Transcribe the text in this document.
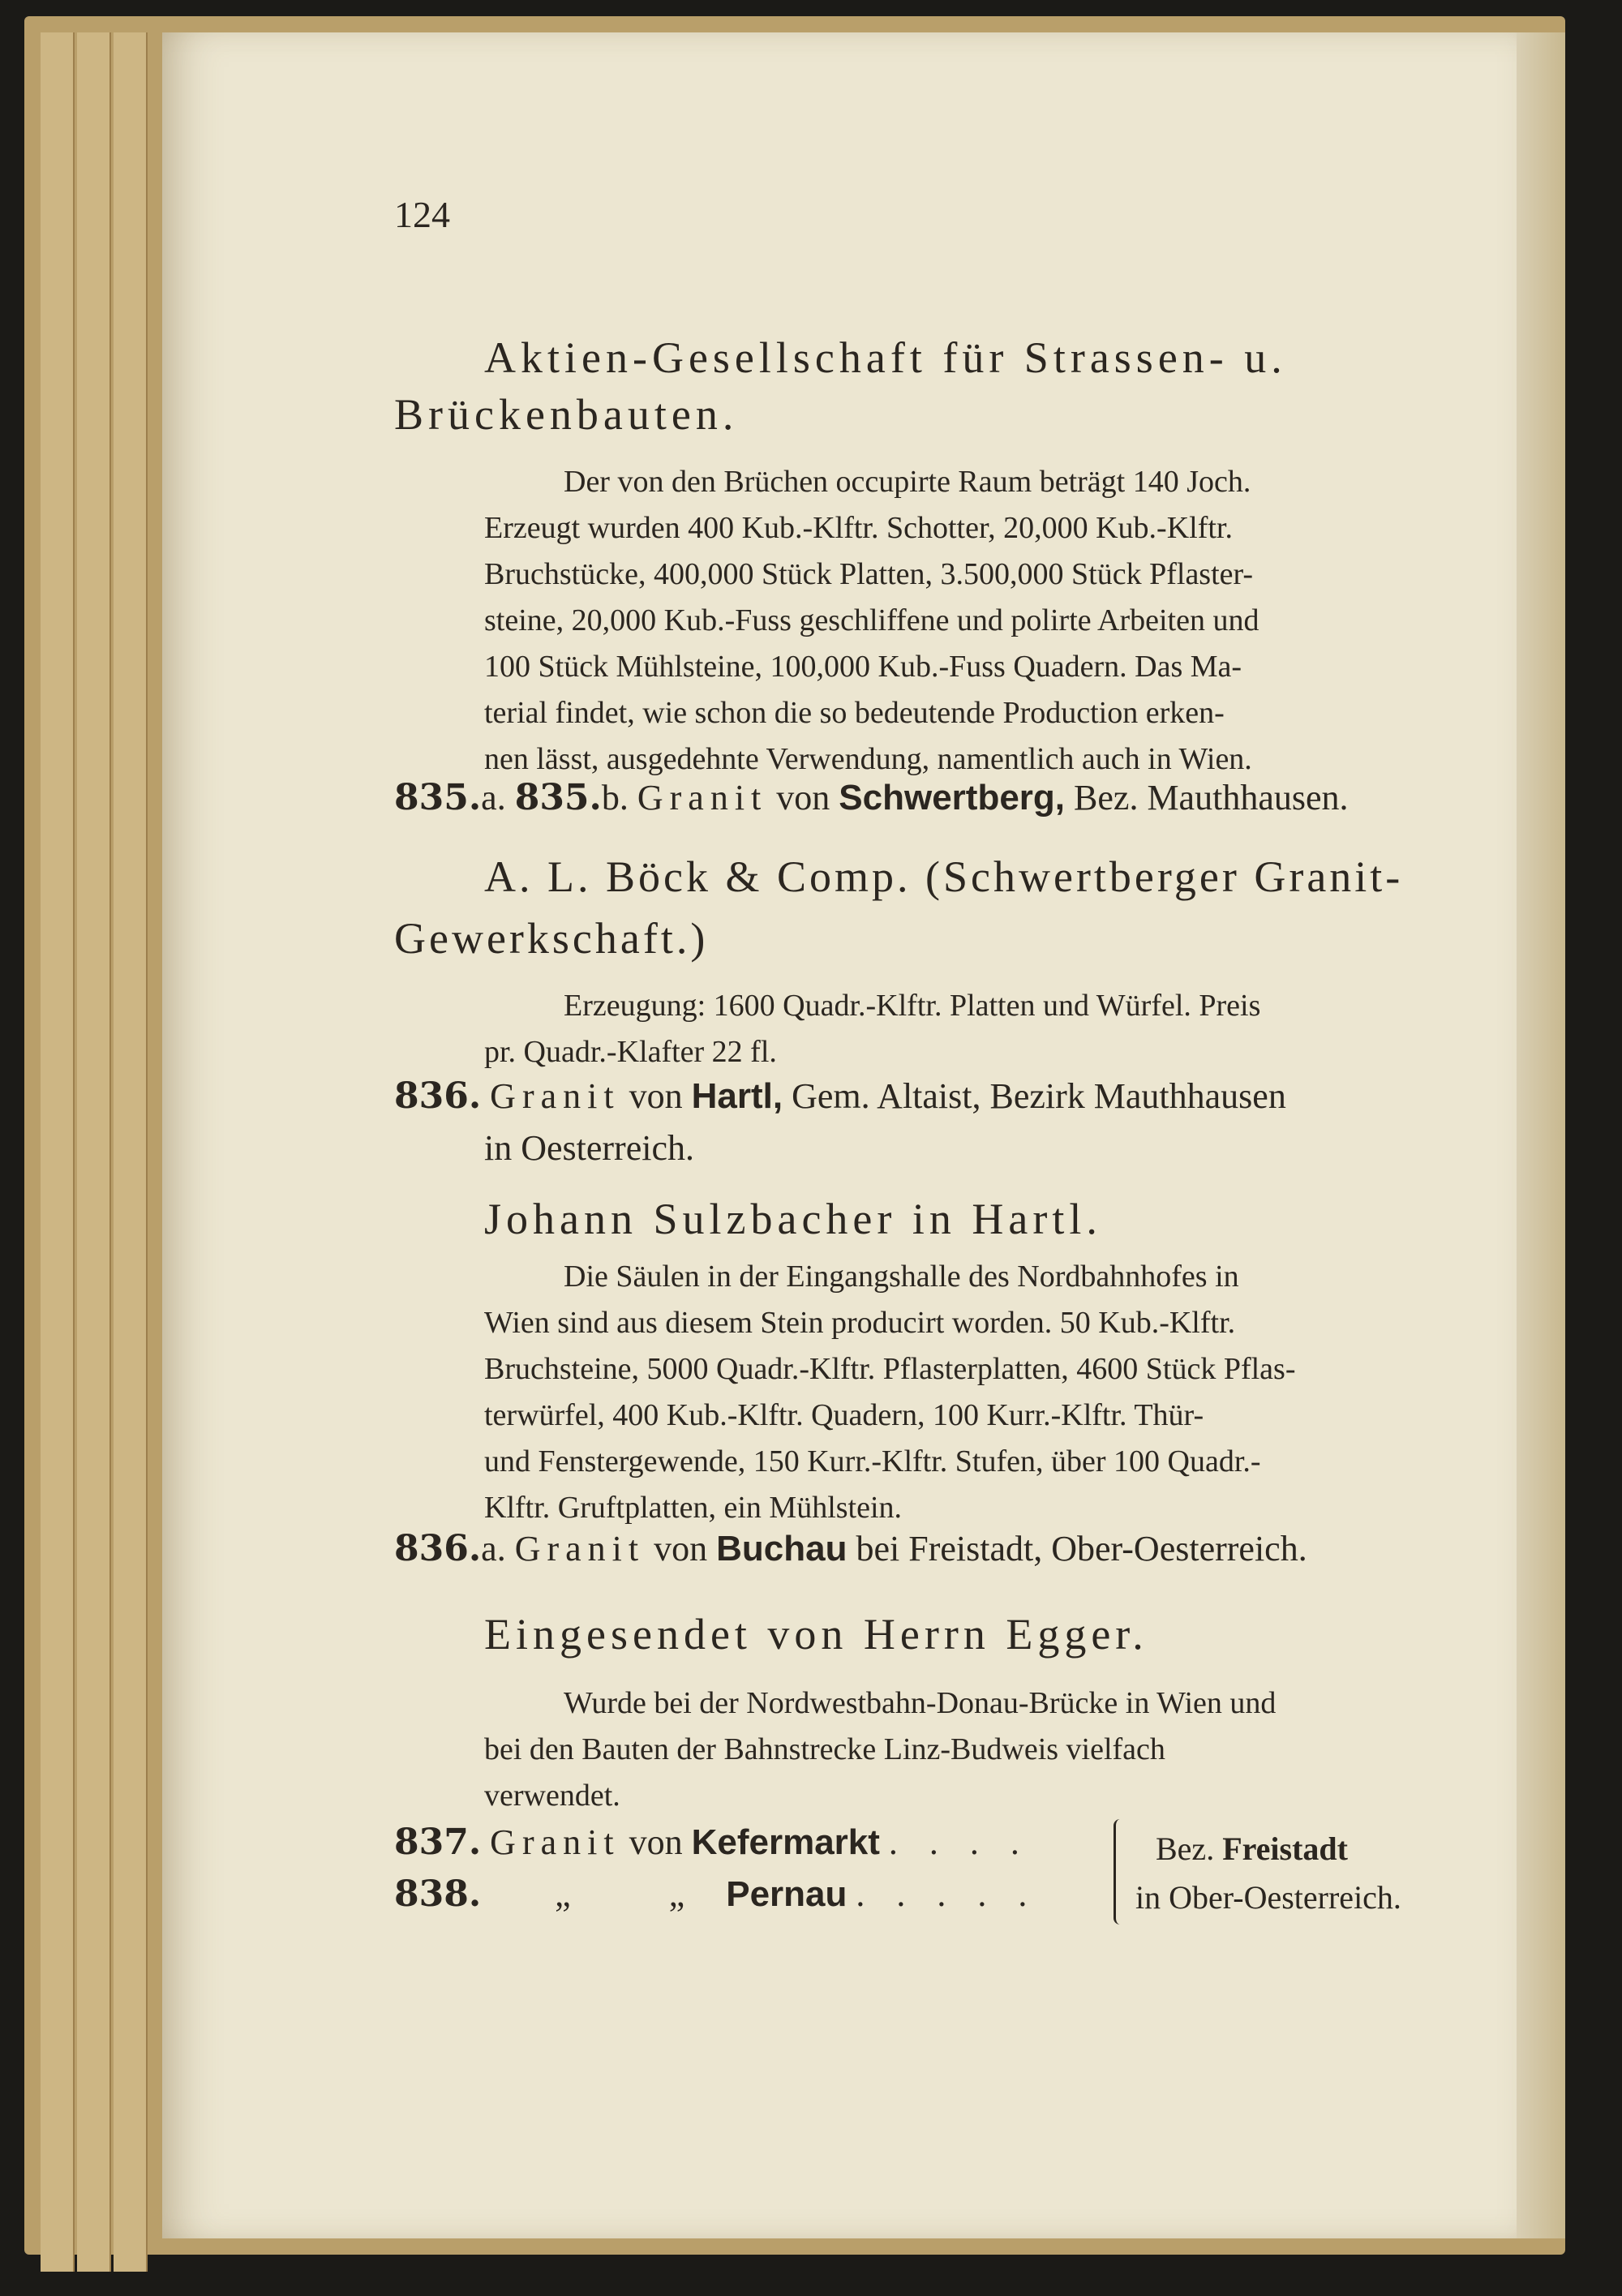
124
Aktien-Gesellschaft für Strassen- u.
Brückenbauten.

Der von den Brüchen occupirte Raum beträgt 140 Joch.

Erzeugt wurden 400 Kub.-Klftr. Schotter, 20,000 Kub.-Klftr.

Bruchstücke, 400,000 Stück Platten, 3.500,000 Stück Pflaster-

steine, 20,000 Kub.-Fuss geschliffene und polirte Arbeiten und

100 Stück Mühlsteine, 100,000 Kub.-Fuss Quadern. Das Ma-

terial findet, wie schon die so bedeutende Production erken-

nen lässt, ausgedehnte Verwendung, namentlich auch in Wien.

835.a. 835.b. Granit von Schwertberg, Bez. Mauthhausen.
A. L. Böck & Comp. (Schwertberger Granit-
Gewerkschaft.)

Erzeugung: 1600 Quadr.-Klftr. Platten und Würfel. Preis

pr. Quadr.-Klafter 22 fl.

836. Granit von Hartl, Gem. Altaist, Bezirk Mauthhausen
in Oesterreich.
Johann Sulzbacher in Hartl.

Die Säulen in der Eingangshalle des Nordbahnhofes in

Wien sind aus diesem Stein producirt worden. 50 Kub.-Klftr.

Bruchsteine, 5000 Quadr.-Klftr. Pflasterplatten, 4600 Stück Pflas-

terwürfel, 400 Kub.-Klftr. Quadern, 100 Kurr.-Klftr. Thür-

und Fenstergewende, 150 Kurr.-Klftr. Stufen, über 100 Quadr.-

Klftr. Gruftplatten, ein Mühlstein.

836.a. Granit von Buchau bei Freistadt, Ober-Oesterreich.
Eingesendet von Herrn Egger.

Wurde bei der Nordwestbahn-Donau-Brücke in Wien und

bei den Bauten der Bahnstrecke Linz-Budweis vielfach

verwendet.

837. Granit von Kefermarkt . . . .
838. „	„ Pernau . . . . .
Bez. Freistadt
in Ober-Oesterreich.
